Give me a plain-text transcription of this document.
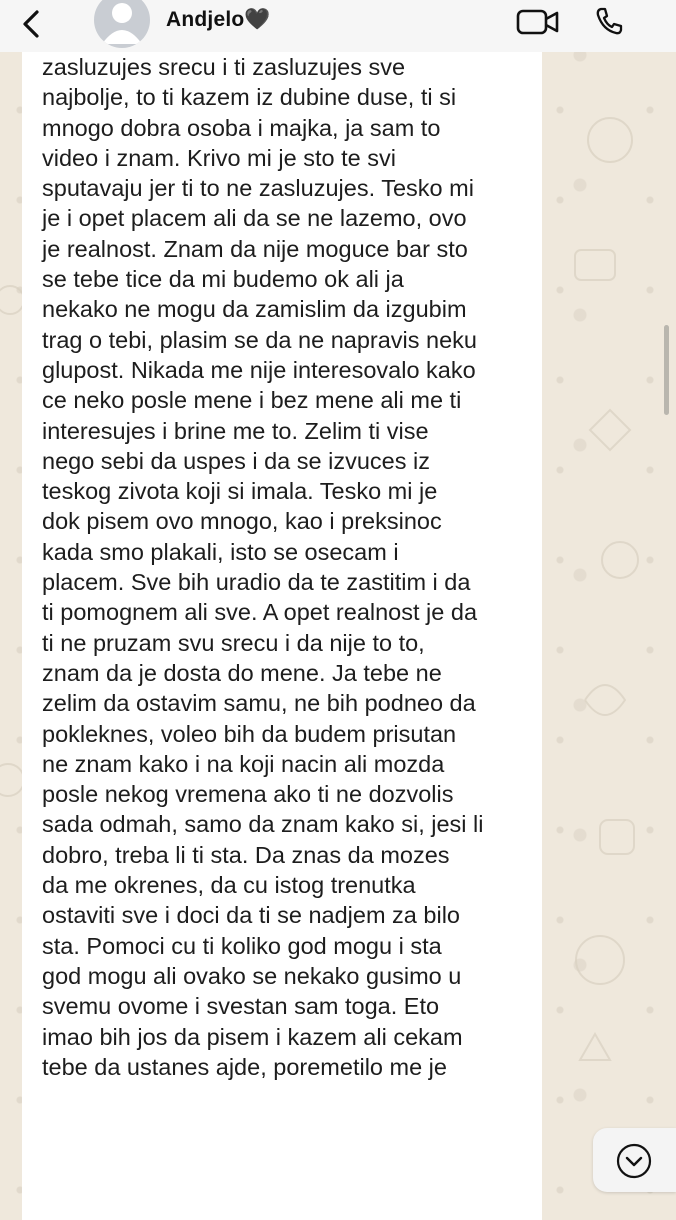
Andjelo🖤

zasluzujes srecu i ti zasluzujes sve
najbolje, to ti kazem iz dubine duse, ti si
mnogo dobra osoba i majka, ja sam to
video i znam. Krivo mi je sto te svi
sputavaju jer ti to ne zasluzujes. Tesko mi
je i opet placem ali da se ne lazemo, ovo
je realnost. Znam da nije moguce bar sto
se tebe tice da mi budemo ok ali ja
nekako ne mogu da zamislim da izgubim
trag o tebi, plasim se da ne napravis neku
glupost. Nikada me nije interesovalo kako
ce neko posle mene i bez mene ali me ti
interesujes i brine me to. Zelim ti vise
nego sebi da uspes i da se izvuces iz
teskog zivota koji si imala. Tesko mi je
dok pisem ovo mnogo, kao i preksinoc
kada smo plakali, isto se osecam i
placem. Sve bih uradio da te zastitim i da
ti pomognem ali sve. A opet realnost je da
ti ne pruzam svu srecu i da nije to to,
znam da je dosta do mene. Ja tebe ne
zelim da ostavim samu, ne bih podneo da
pokleknes, voleo bih da budem prisutan
ne znam kako i na koji nacin ali mozda
posle nekog vremena ako ti ne dozvolis
sada odmah, samo da znam kako si, jesi li
dobro, treba li ti sta. Da znas da mozes
da me okrenes, da cu istog trenutka
ostaviti sve i doci da ti se nadjem za bilo
sta. Pomoci cu ti koliko god mogu i sta
god mogu ali ovako se nekako gusimo u
svemu ovome i svestan sam toga. Eto
imao bih jos da pisem i kazem ali cekam
tebe da ustanes ajde, poremetilo me je
